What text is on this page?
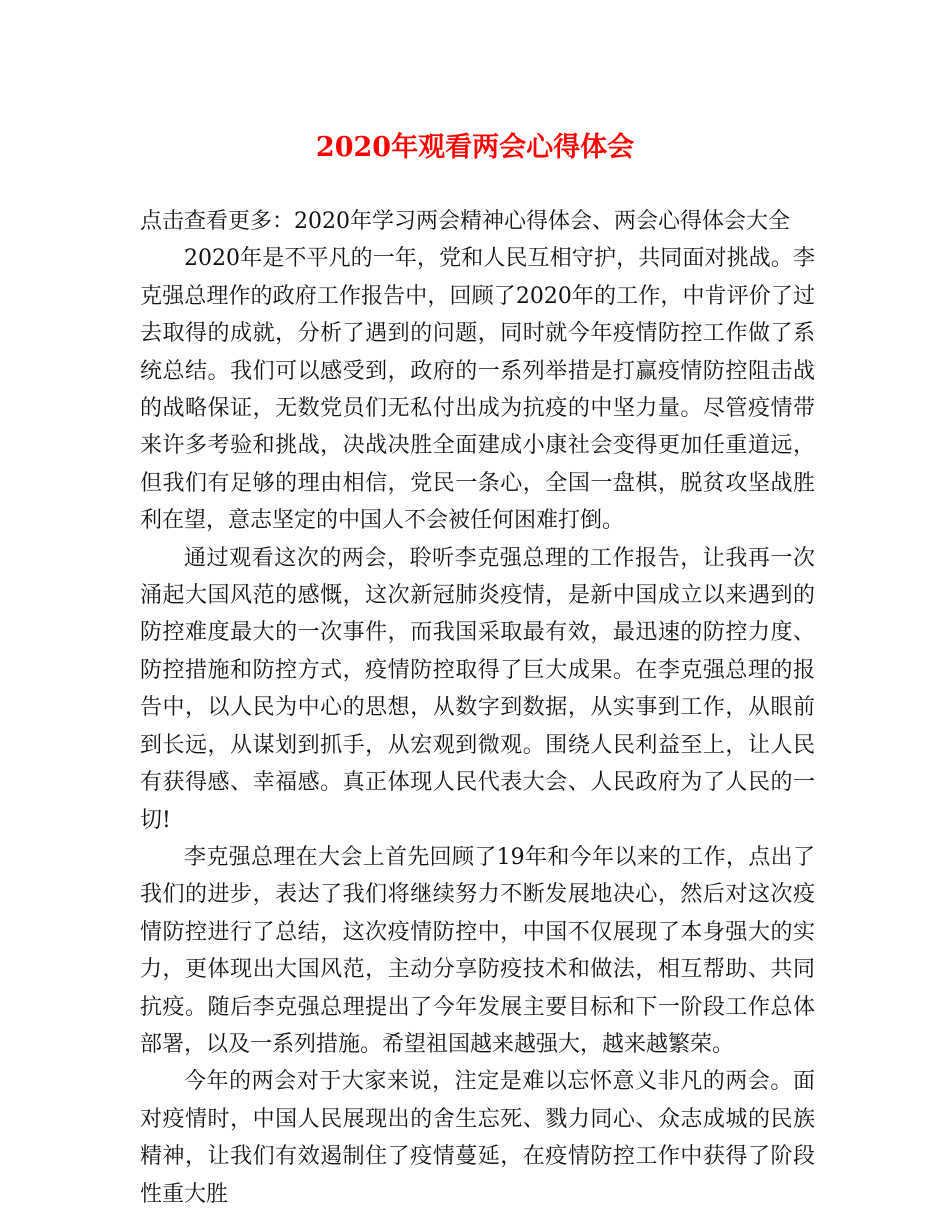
2020年观看两会心得体会

点击查看更多：2020年学习两会精神心得体会、两会心得体会大全

2020年是不平凡的一年，党和人民互相守护，共同面对挑战。李克强总理作的政府工作报告中，回顾了2020年的工作，中肯评价了过去取得的成就，分析了遇到的问题，同时就今年疫情防控工作做了系统总结。我们可以感受到，政府的一系列举措是打赢疫情防控阻击战的战略保证，无数党员们无私付出成为抗疫的中坚力量。尽管疫情带来许多考验和挑战，决战决胜全面建成小康社会变得更加任重道远，但我们有足够的理由相信，党民一条心，全国一盘棋，脱贫攻坚战胜利在望，意志坚定的中国人不会被任何困难打倒。

通过观看这次的两会，聆听李克强总理的工作报告，让我再一次涌起大国风范的感慨，这次新冠肺炎疫情，是新中国成立以来遇到的防控难度最大的一次事件，而我国采取最有效，最迅速的防控力度、防控措施和防控方式，疫情防控取得了巨大成果。在李克强总理的报告中，以人民为中心的思想，从数字到数据，从实事到工作，从眼前到长远，从谋划到抓手，从宏观到微观。围绕人民利益至上，让人民有获得感、幸福感。真正体现人民代表大会、人民政府为了人民的一切!

李克强总理在大会上首先回顾了19年和今年以来的工作，点出了我们的进步，表达了我们将继续努力不断发展地决心，然后对这次疫情防控进行了总结，这次疫情防控中，中国不仅展现了本身强大的实力，更体现出大国风范，主动分享防疫技术和做法，相互帮助、共同抗疫。随后李克强总理提出了今年发展主要目标和下一阶段工作总体部署，以及一系列措施。希望祖国越来越强大，越来越繁荣。

今年的两会对于大家来说，注定是难以忘怀意义非凡的两会。面对疫情时，中国人民展现出的舍生忘死、戮力同心、众志成城的民族精神，让我们有效遏制住了疫情蔓延，在疫情防控工作中获得了阶段性重大胜
